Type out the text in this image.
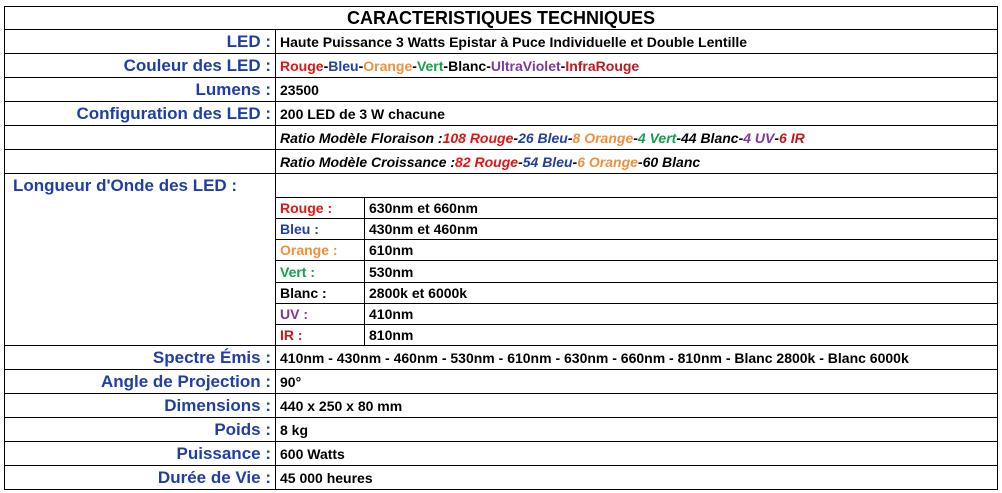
CARACTERISTIQUES TECHNIQUES
LED : Haute Puissance 3 Watts Epistar à Puce Individuelle et Double Lentille
Couleur des LED : Rouge - Bleu - Orange - Vert - Blanc - UltraViolet - InfraRouge
Lumens : 23500
Configuration des LED : 200 LED de 3 W chacune
Ratio Modèle Floraison : 108 Rouge - 26 Bleu - 8 Orange - 4 Vert - 44 Blanc - 4 UV - 6 IR
Ratio Modèle Croissance : 82 Rouge - 54 Bleu - 6 Orange - 60 Blanc
Longueur d'Onde des LED :
Rouge :	630nm et 660nm
Bleu :	430nm et 460nm
Orange :	610nm
Vert :	530nm
Blanc :	2800k et 6000k
UV :	410nm
IR :	810nm
Spectre Émis : 410nm - 430nm - 460nm - 530nm - 610nm - 630nm - 660nm - 810nm - Blanc 2800k - Blanc 6000k
Angle de Projection : 90°
Dimensions : 440 x 250 x 80 mm
Poids : 8 kg
Puissance : 600 Watts
Durée de Vie : 45 000 heures
